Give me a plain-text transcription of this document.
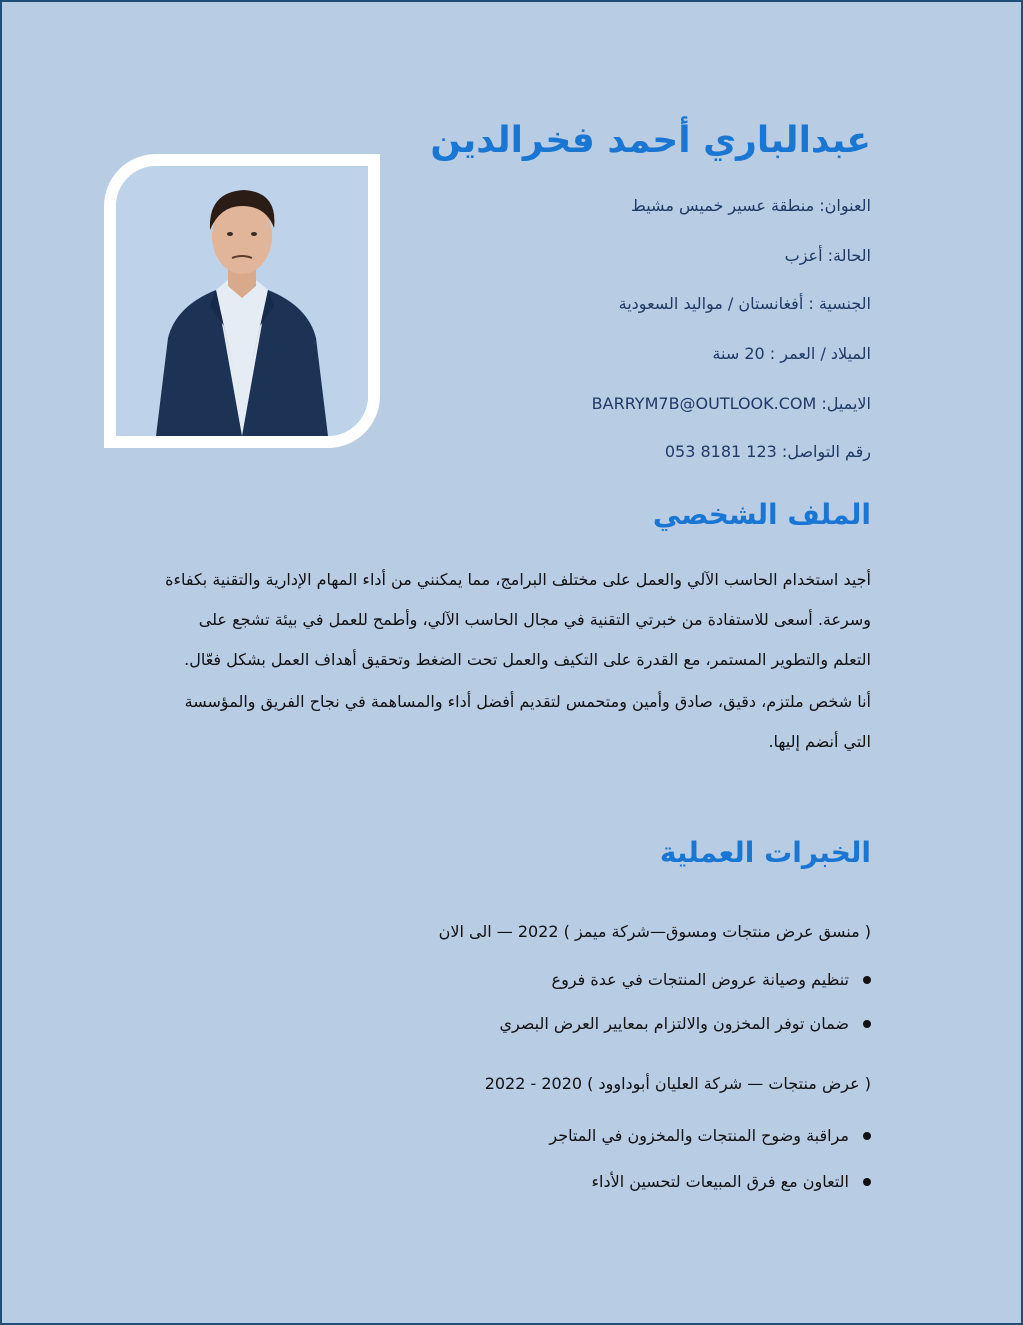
عبدالباري أحمد فخرالدين
العنوان: منطقة عسير خميس مشيط
الحالة: أعزب
الجنسية : أفغانستان / مواليد السعودية
الميلاد / العمر : 20 سنة
الايميل: BARRYM7B@OUTLOOK.COM
رقم التواصل: 123 8181 053
الملف الشخصي

أجيد استخدام الحاسب الآلي والعمل على مختلف البرامج، مما يمكنني من أداء المهام الإدارية والتقنية بكفاءة وسرعة. أسعى للاستفادة من خبرتي التقنية في مجال الحاسب الآلي، وأطمح للعمل في بيئة تشجع على التعلم والتطوير المستمر، مع القدرة على التكيف والعمل تحت الضغط وتحقيق أهداف العمل بشكل فعّال.

أنا شخص ملتزم، دقيق، صادق وأمين ومتحمس لتقديم أفضل أداء والمساهمة في نجاح الفريق والمؤسسة التي أنضم إليها.

الخبرات العملية
( منسق عرض منتجات ومسوق—شركة ميمز ) 2022 — الى الان
تنظيم وصيانة عروض المنتجات في عدة فروع
ضمان توفر المخزون والالتزام بمعايير العرض البصري
( عرض منتجات — شركة العليان أبوداوود ) 2020 - 2022
مراقبة وضوح المنتجات والمخزون في المتاجر
التعاون مع فرق المبيعات لتحسين الأداء
